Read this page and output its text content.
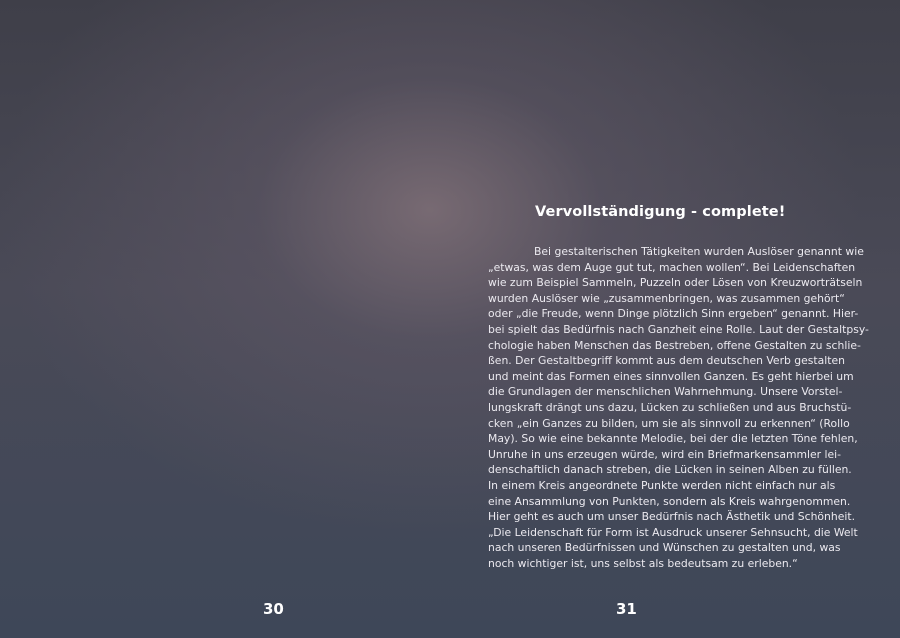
30
Vervollständigung - complete!
Bei gestalterischen Tätigkeiten wurden Auslöser genannt wie
„etwas, was dem Auge gut tut, machen wollen“. Bei Leidenschaften
wie zum Beispiel Sammeln, Puzzeln oder Lösen von Kreuzworträtseln
wurden Auslöser wie „zusammenbringen, was zusammen gehört“
oder „die Freude, wenn Dinge plötzlich Sinn ergeben“ genannt. Hier-
bei spielt das Bedürfnis nach Ganzheit eine Rolle. Laut der Gestaltpsy-
chologie haben Menschen das Bestreben, offene Gestalten zu schlie-
ßen. Der Gestaltbegriff kommt aus dem deutschen Verb gestalten
und meint das Formen eines sinnvollen Ganzen. Es geht hierbei um
die Grundlagen der menschlichen Wahrnehmung. Unsere Vorstel-
lungskraft drängt uns dazu, Lücken zu schließen und aus Bruchstü-
cken „ein Ganzes zu bilden, um sie als sinnvoll zu erkennen“ (Rollo
May). So wie eine bekannte Melodie, bei der die letzten Töne fehlen,
Unruhe in uns erzeugen würde, wird ein Briefmarkensammler lei-
denschaftlich danach streben, die Lücken in seinen Alben zu füllen.
In einem Kreis angeordnete Punkte werden nicht einfach nur als
eine Ansammlung von Punkten, sondern als Kreis wahrgenommen.
Hier geht es auch um unser Bedürfnis nach Ästhetik und Schönheit.
„Die Leidenschaft für Form ist Ausdruck unserer Sehnsucht, die Welt
nach unseren Bedürfnissen und Wünschen zu gestalten und, was
noch wichtiger ist, uns selbst als bedeutsam zu erleben.“
31
